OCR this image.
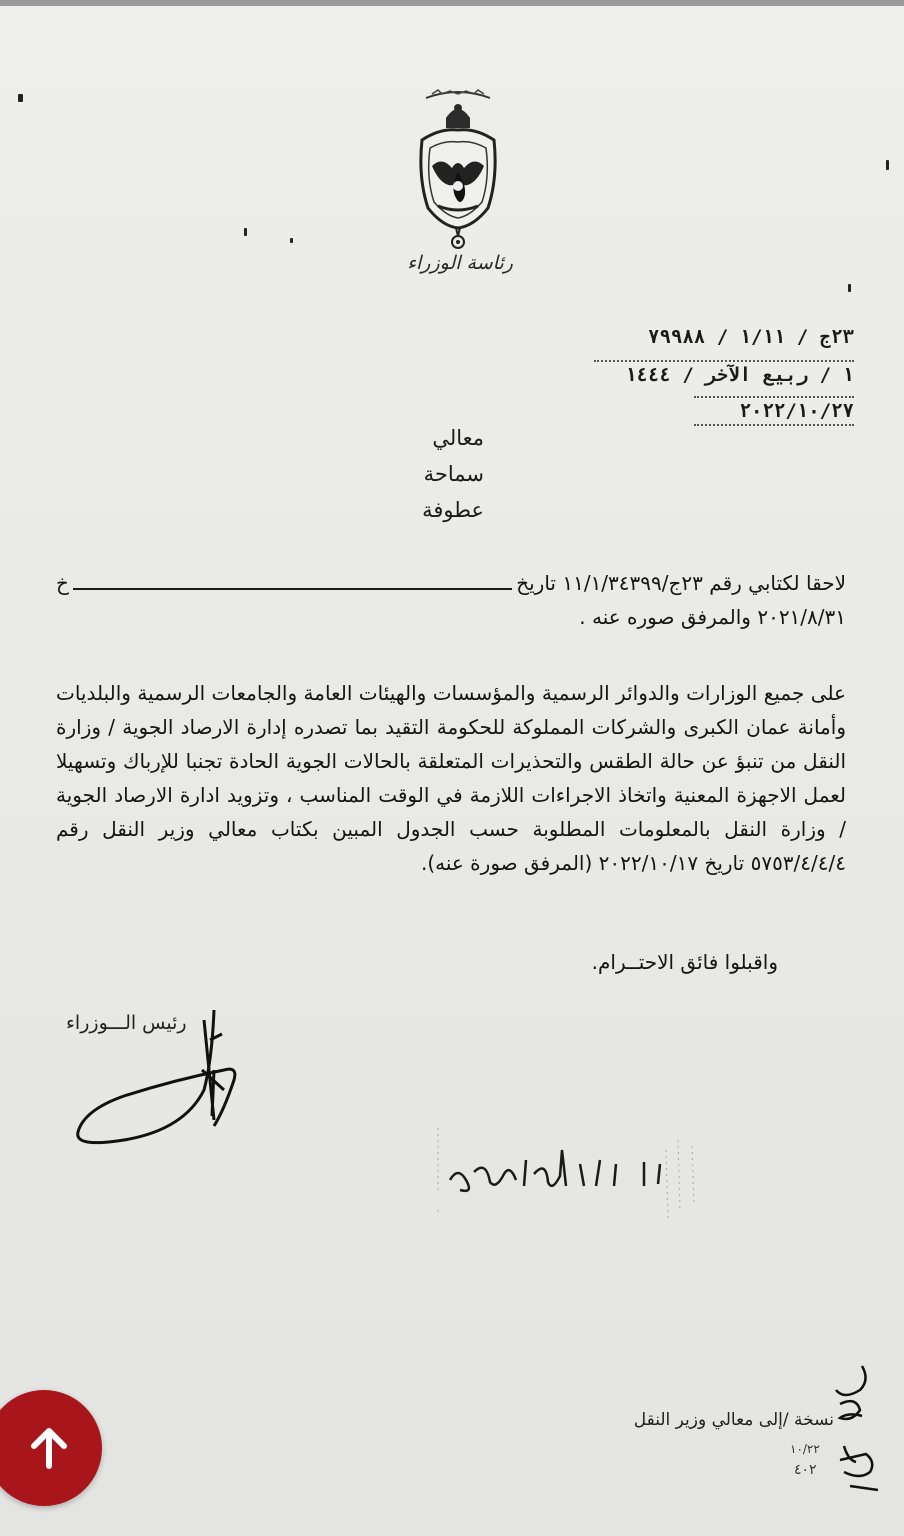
رئاسة الوزراء
٢٣ج / ١/١١ / ٧٩٩٨٨
١ / ربيع الآخر / ١٤٤٤
٢٠٢٢/١٠/٢٧
معالي
سماحة
عطوفة
لاحقا لكتابي رقم ٢٣ج/١١/١/٣٤٣٩٩ تاريخ
خ
٢٠٢١/٨/٣١ والمرفق صوره عنه .
على جميع الوزارات والدوائر الرسمية والمؤسسات والهيئات العامة والجامعات الرسمية والبلديات وأمانة عمان الكبرى والشركات المملوكة للحكومة التقيد بما تصدره إدارة الارصاد الجوية / وزارة النقل من تنبؤ عن حالة الطقس والتحذيرات المتعلقة بالحالات الجوية الحادة تجنبا للإرباك وتسهيلا لعمل الاجهزة المعنية واتخاذ الاجراءات اللازمة في الوقت المناسب ، وتزويد ادارة الارصاد الجوية / وزارة النقل بالمعلومات المطلوبة حسب الجدول المبين بكتاب معالي وزير النقل رقم ٥٧٥٣/٤/٤/٤ تاريخ ٢٠٢٢/١٠/١٧ (المرفق صورة عنه).
واقبلوا فائق الاحتــرام.
رئيس الـــوزراء
نسخة /إلى معالي وزير النقل
١٠/٢٢
٤٠٢
